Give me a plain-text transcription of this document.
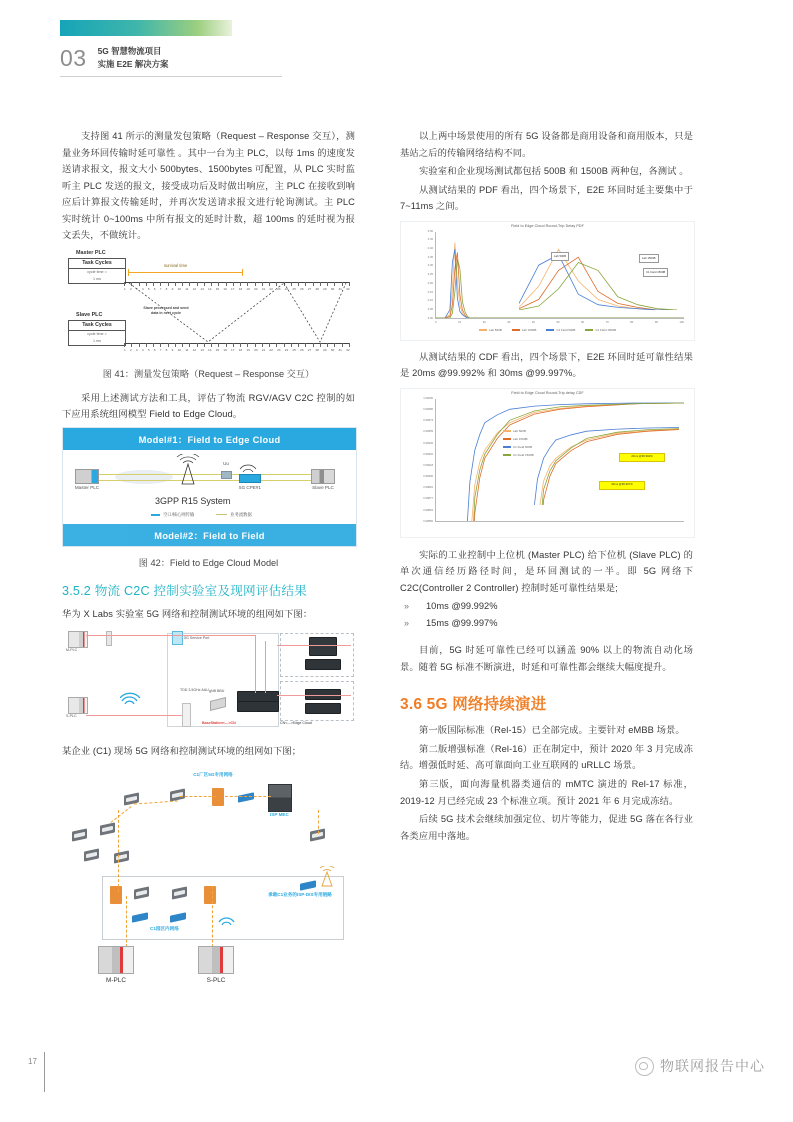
03 5G 智慧物流项目
实施 E2E 解决方案

支持图 41 所示的测量发包策略（Request – Response 交互），测量业务环回传输时延可靠性 。其中一台为主 PLC，以每 1ms 的速度发送请求报文，报文大小 500bytes、1500bytes 可配置，从 PLC 实时监听主 PLC 发送的报文，接受成功后及时做出响应，主 PLC 在接收到响应后计算报文传输延时，并再次发送请求报文进行轮询测试。主 PLC 实时统计 0~100ms 中所有报文的延时计数，超 100ms 的延时视为报文丢失，不做统计。

Master PLC
Task Cycles
cycle time =
1 ms
Slave PLC
Task Cycles
cycle time =
1 ms
survival time
1 2 3 4 5 6 7 8 9 10 11 12 13 14 15 16 17 18 19 20 21 22 23 24 25 26 27 28 29 30 31 32
1 2 3 4 5 6 7 8 9 10 11 12 13 14 15 16 17 18 19 20 21 22 23 24 25 26 27 28 29 30 31 32
Slave processed and send data in next cycle
图 41：测量发包策略（Request – Response 交互）

采用上述测试方法和工具，评估了物流 RGV/AGV C2C 控制的如下应用系统组网模型 Field to Edge Cloud。

Model#1：Field to Edge Cloud
Master PLC
Uu
5G CPE#1	Slave PLC
3GPP R15 System
空口/核心网传输	业务流数据
Model#2：Field to Field
图 42：Field to Edge Cloud Model
3.5.2 物流 C2C 控制实验室及现网评估结果

华为 X Labs 实验室 5G 网络和控制测试环境的组网如下图：

M-PLC
S-PLC
5G Service Port
TDD 3.5GHz AAU gNB BBU
BaseStation<--->CN	CN<--->Edge Cloud

某企业 (C1) 现场 5G 网络和控制测试环境的组网如下图；

C1厂区5G专用网络
ISP MEC
C1园区内网络
承载C1业务的ISP-DIS专用链路
M-PLC	S-PLC

以上两中场景使用的所有 5G 设备都是商用设备和商用版本，只是基站之后的传输网络结构不同。

实验室和企业现场测试都包括 500B 和 1500B 两种包，各测试 。

从测试结果的 PDF 看出，四个场景下，E2E 环回时延主要集中于 7~11ms 之间。

Field to Edge Cloud Round-Trip Delay PDF
0.50
0.45
0.40
0.35
0.30
0.25
0.20
0.15
0.10
0.05
0.00
0	10	20	30	40	50	60	70	80	90	100
Lab 500B	Lab 1500B
C1 Field 1500B
Lab 500B	Lab 1500B	C1 Field 500B	C1 Field 1500B

从测试结果的 CDF 看出，四个场景下，E2E 环回时延可靠性结果是 20ms @99.992% 和 30ms @99.997%。

Field to Edge Cloud Round-Trip delay CDF
1.00000
0.99986
0.99973
0.99959
0.99945
0.99932
0.99918
0.99905
0.99891
0.99877
0.99864
0.99850
20ms @99.992%
30ms @99.997%
Lab 500B
Lab 1500B
C1 Field 500B
C1 Field 1500B

实际的工业控制中上位机 (Master PLC) 给下位机 (Slave PLC) 的单次通信经历路径时间，是环回测试的一半。即 5G 网络下 C2C(Controller 2 Controller) 控制时延可靠性结果是;

» 10ms @99.992%
» 15ms @99.997%

目前，5G 时延可靠性已经可以涵盖 90% 以上的物流自动化场景。随着 5G 标准不断演进，时延和可靠性都会继续大幅度提升。

3.6 5G 网络持续演进

第一版国际标准（Rel-15）已全部完成。主要针对 eMBB 场景。

第二版增强标准（Rel-16）正在制定中，预计 2020 年 3 月完成冻结。增强低时延、高可靠面向工业互联网的 uRLLC 场景。

第三版，面向海量机器类通信的 mMTC 演进的 Rel-17 标准，2019-12 月已经完成 23 个标准立项。预计 2021 年 6 月完成冻结。

后续 5G 技术会继续加强定位、切片等能力，促进 5G 落在各行业各类应用中落地。

17	物联网报告中心
